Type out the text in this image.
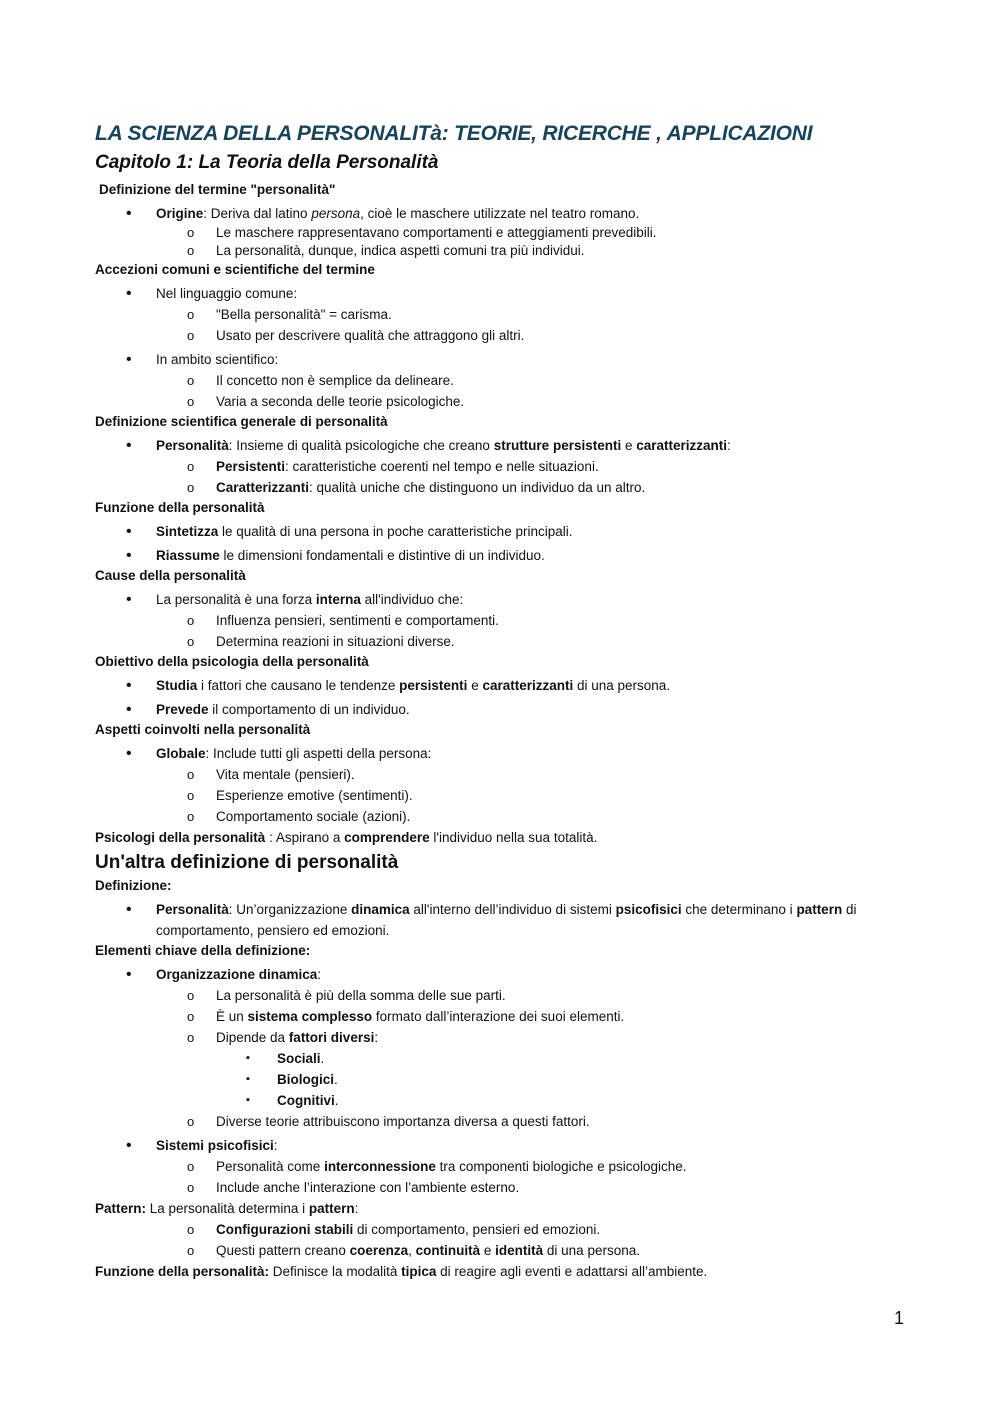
LA SCIENZA DELLA PERSONALITà: TEORIE, RICERCHE , APPLICAZIONI
Capitolo 1: La Teoria della Personalità

Definizione del termine "personalità"

• Origine: Deriva dal latino persona, cioè le maschere utilizzate nel teatro romano.
o Le maschere rappresentavano comportamenti e atteggiamenti prevedibili.
o La personalità, dunque, indica aspetti comuni tra più individui.

Accezioni comuni e scientifiche del termine

• Nel linguaggio comune:
o "Bella personalità" = carisma.
o Usato per descrivere qualità che attraggono gli altri.
• In ambito scientifico:
o Il concetto non è semplice da delineare.
o Varia a seconda delle teorie psicologiche.

Definizione scientifica generale di personalità

• Personalità: Insieme di qualità psicologiche che creano strutture persistenti e caratterizzanti:
o Persistenti: caratteristiche coerenti nel tempo e nelle situazioni.
o Caratterizzanti: qualità uniche che distinguono un individuo da un altro.

Funzione della personalità

• Sintetizza le qualità di una persona in poche caratteristiche principali.
• Riassume le dimensioni fondamentali e distintive di un individuo.

Cause della personalità

• La personalità è una forza interna all'individuo che:
o Influenza pensieri, sentimenti e comportamenti.
o Determina reazioni in situazioni diverse.

Obiettivo della psicologia della personalità

• Studia i fattori che causano le tendenze persistenti e caratterizzanti di una persona.
• Prevede il comportamento di un individuo.

Aspetti coinvolti nella personalità

• Globale: Include tutti gli aspetti della persona:
o Vita mentale (pensieri).
o Esperienze emotive (sentimenti).
o Comportamento sociale (azioni).

Psicologi della personalità : Aspirano a comprendere l'individuo nella sua totalità.

Un'altra definizione di personalità

Definizione:

• Personalità: Un’organizzazione dinamica all'interno dell’individuo di sistemi psicofisici che determinano i pattern di comportamento, pensiero ed emozioni.

Elementi chiave della definizione:

• Organizzazione dinamica:
o La personalità è più della somma delle sue parti.
o È un sistema complesso formato dall’interazione dei suoi elementi.
o Dipende da fattori diversi:
▪ Sociali.
▪ Biologici.
▪ Cognitivi.
o Diverse teorie attribuiscono importanza diversa a questi fattori.
• Sistemi psicofisici:
o Personalità come interconnessione tra componenti biologiche e psicologiche.
o Include anche l’interazione con l’ambiente esterno.

Pattern: La personalità determina i pattern:

o Configurazioni stabili di comportamento, pensieri ed emozioni.
o Questi pattern creano coerenza, continuità e identità di una persona.

Funzione della personalità: Definisce la modalità tipica di reagire agli eventi e adattarsi all’ambiente.

1
